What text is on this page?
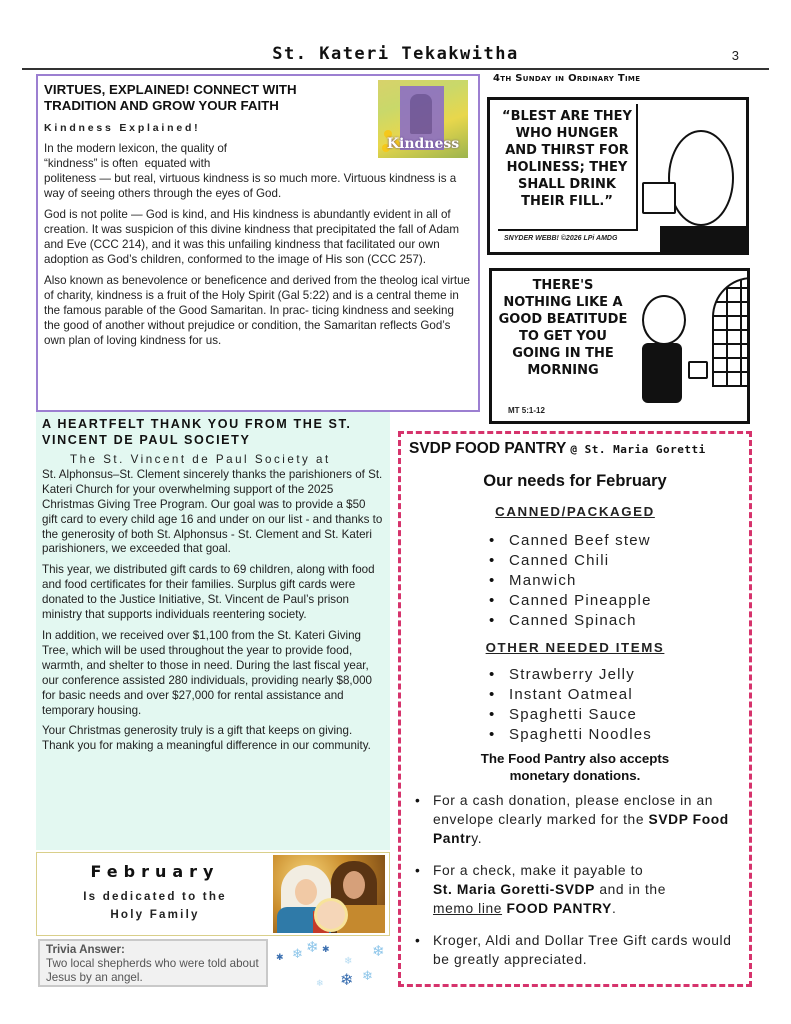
St. Kateri Tekakwitha	3
Kindness
VIRTUES, EXPLAINED! CONNECT WITH TRADITION AND GROW YOUR FAITH
Kindness Explained!

In the modern lexicon, the quality of “kindness” is often  equated with

politeness — but real, virtuous kindness is so much more. Virtuous kindness is a way of seeing others through the eyes of God.

God is not polite — God is kind, and His kindness is abundantly evident in all of creation. It was suspicion of this divine kindness that precipitated the fall of Adam and Eve (CCC 214), and it was this unfailing kindness that facilitated our own adoption as God’s children, conformed to the image of His son (CCC 257).

Also known as benevolence or beneficence and derived from the theolog ical virtue of charity, kindness is a fruit of the Holy Spirit (Gal 5:22) and is a central theme in the famous parable of the Good Samaritan. In prac- ticing kindness and seeking the good of another without prejudice or condition, the Samaritan reflects God’s own plan of loving kindness for us.

4th Sunday in Ordinary Time
“BLEST ARE THEY WHO HUNGER AND THIRST FOR HOLINESS; THEY SHALL DRINK THEIR FILL.”
SNYDER WEBB! ©2026 LPi AMDG
THERE'S NOTHING LIKE A GOOD BEATITUDE TO GET YOU GOING IN THE MORNING
MT 5:1-12
A HEARTFELT THANK YOU FROM THE ST. VINCENT DE PAUL SOCIETY

The St. Vincent de Paul Society at

St. Alphonsus–St. Clement sincerely thanks the parishioners of St. Kateri Church for your overwhelming support of the 2025 Christmas Giving Tree Program. Our goal was to provide a $50 gift card to every child age 16 and under on our list - and thanks to the generosity of both St. Alphonsus - St. Clement and St. Kateri parishioners, we exceeded that goal.

This year, we distributed gift cards to 69 children, along with food and food certificates for their families. Surplus gift cards were donated to the Justice Initiative, St. Vincent de Paul’s prison ministry that supports individuals reentering society.

In addition, we received over $1,100 from the St. Kateri Giving Tree, which will be used throughout the year to provide food, warmth, and shelter to those in need. During the last fiscal year, our conference assisted 280 individuals, providing nearly $8,000 for basic needs and over $27,000 for rental assistance and temporary housing.

Your Christmas generosity truly is a gift that keeps on giving. Thank you for making a meaningful difference in our community.

February
Is dedicated to the
Holy Family
Trivia Answer:
Two local shepherds who were told about Jesus by an angel.
✱ ❄ ❄ ✱
❄
❄
❄ ❄
❄
SVDP FOOD PANTRY @ St. Maria Goretti
Our needs for February
CANNED/PACKAGED
• Canned Beef stew
• Canned Chili
• Manwich
• Canned Pineapple
• Canned Spinach
OTHER NEEDED ITEMS
• Strawberry Jelly
• Instant Oatmeal
• Spaghetti Sauce
• Spaghetti Noodles
The Food Pantry also accepts
monetary donations.
• For a cash donation, please enclose in an envelope clearly marked for the SVDP Food Pantry.
• For a check, make it payable to
St. Maria Goretti-SVDP and in the
memo line FOOD PANTRY.
• Kroger, Aldi and Dollar Tree Gift cards would be greatly appreciated.
